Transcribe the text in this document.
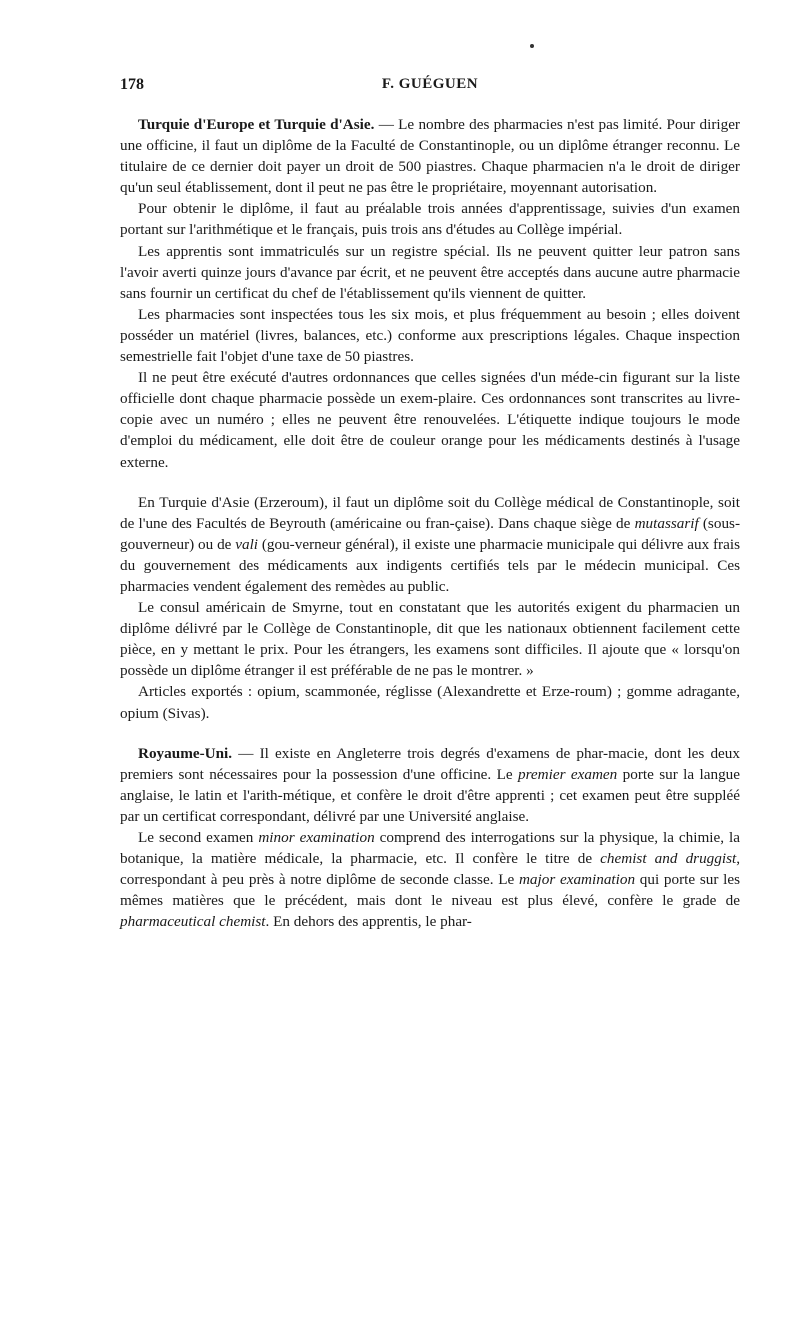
178	F. GUÉGUEN

Turquie d'Europe et Turquie d'Asie. — Le nombre des pharmacies n'est pas limité. Pour diriger une officine, il faut un diplôme de la Faculté de Constantinople, ou un diplôme étranger reconnu. Le titulaire de ce dernier doit payer un droit de 500 piastres. Chaque pharmacien n'a le droit de diriger qu'un seul établissement, dont il peut ne pas être le propriétaire, moyennant autorisation.

Pour obtenir le diplôme, il faut au préalable trois années d'apprentissage, suivies d'un examen portant sur l'arithmétique et le français, puis trois ans d'études au Collège impérial.

Les apprentis sont immatriculés sur un registre spécial. Ils ne peuvent quitter leur patron sans l'avoir averti quinze jours d'avance par écrit, et ne peuvent être acceptés dans aucune autre pharmacie sans fournir un certificat du chef de l'établissement qu'ils viennent de quitter.

Les pharmacies sont inspectées tous les six mois, et plus fréquemment au besoin ; elles doivent posséder un matériel (livres, balances, etc.) conforme aux prescriptions légales. Chaque inspection semestrielle fait l'objet d'une taxe de 50 piastres.

Il ne peut être exécuté d'autres ordonnances que celles signées d'un méde-cin figurant sur la liste officielle dont chaque pharmacie possède un exem-plaire. Ces ordonnances sont transcrites au livre-copie avec un numéro ; elles ne peuvent être renouvelées. L'étiquette indique toujours le mode d'emploi du médicament, elle doit être de couleur orange pour les médicaments destinés à l'usage externe.

En Turquie d'Asie (Erzeroum), il faut un diplôme soit du Collège médical de Constantinople, soit de l'une des Facultés de Beyrouth (américaine ou fran-çaise). Dans chaque siège de mutassarif (sous-gouverneur) ou de vali (gou-verneur général), il existe une pharmacie municipale qui délivre aux frais du gouvernement des médicaments aux indigents certifiés tels par le médecin municipal. Ces pharmacies vendent également des remèdes au public.

Le consul américain de Smyrne, tout en constatant que les autorités exigent du pharmacien un diplôme délivré par le Collège de Constantinople, dit que les nationaux obtiennent facilement cette pièce, en y mettant le prix. Pour les étrangers, les examens sont difficiles. Il ajoute que « lorsqu'on possède un diplôme étranger il est préférable de ne pas le montrer. »

Articles exportés : opium, scammonée, réglisse (Alexandrette et Erze-roum) ; gomme adragante, opium (Sivas).

Royaume-Uni. — Il existe en Angleterre trois degrés d'examens de phar-macie, dont les deux premiers sont nécessaires pour la possession d'une officine. Le premier examen porte sur la langue anglaise, le latin et l'arith-métique, et confère le droit d'être apprenti ; cet examen peut être suppléé par un certificat correspondant, délivré par une Université anglaise.

Le second examen minor examination comprend des interrogations sur la physique, la chimie, la botanique, la matière médicale, la pharmacie, etc. Il confère le titre de chemist and druggist, correspondant à peu près à notre diplôme de seconde classe. Le major examination qui porte sur les mêmes matières que le précédent, mais dont le niveau est plus élevé, confère le grade de pharmaceutical chemist. En dehors des apprentis, le phar-
